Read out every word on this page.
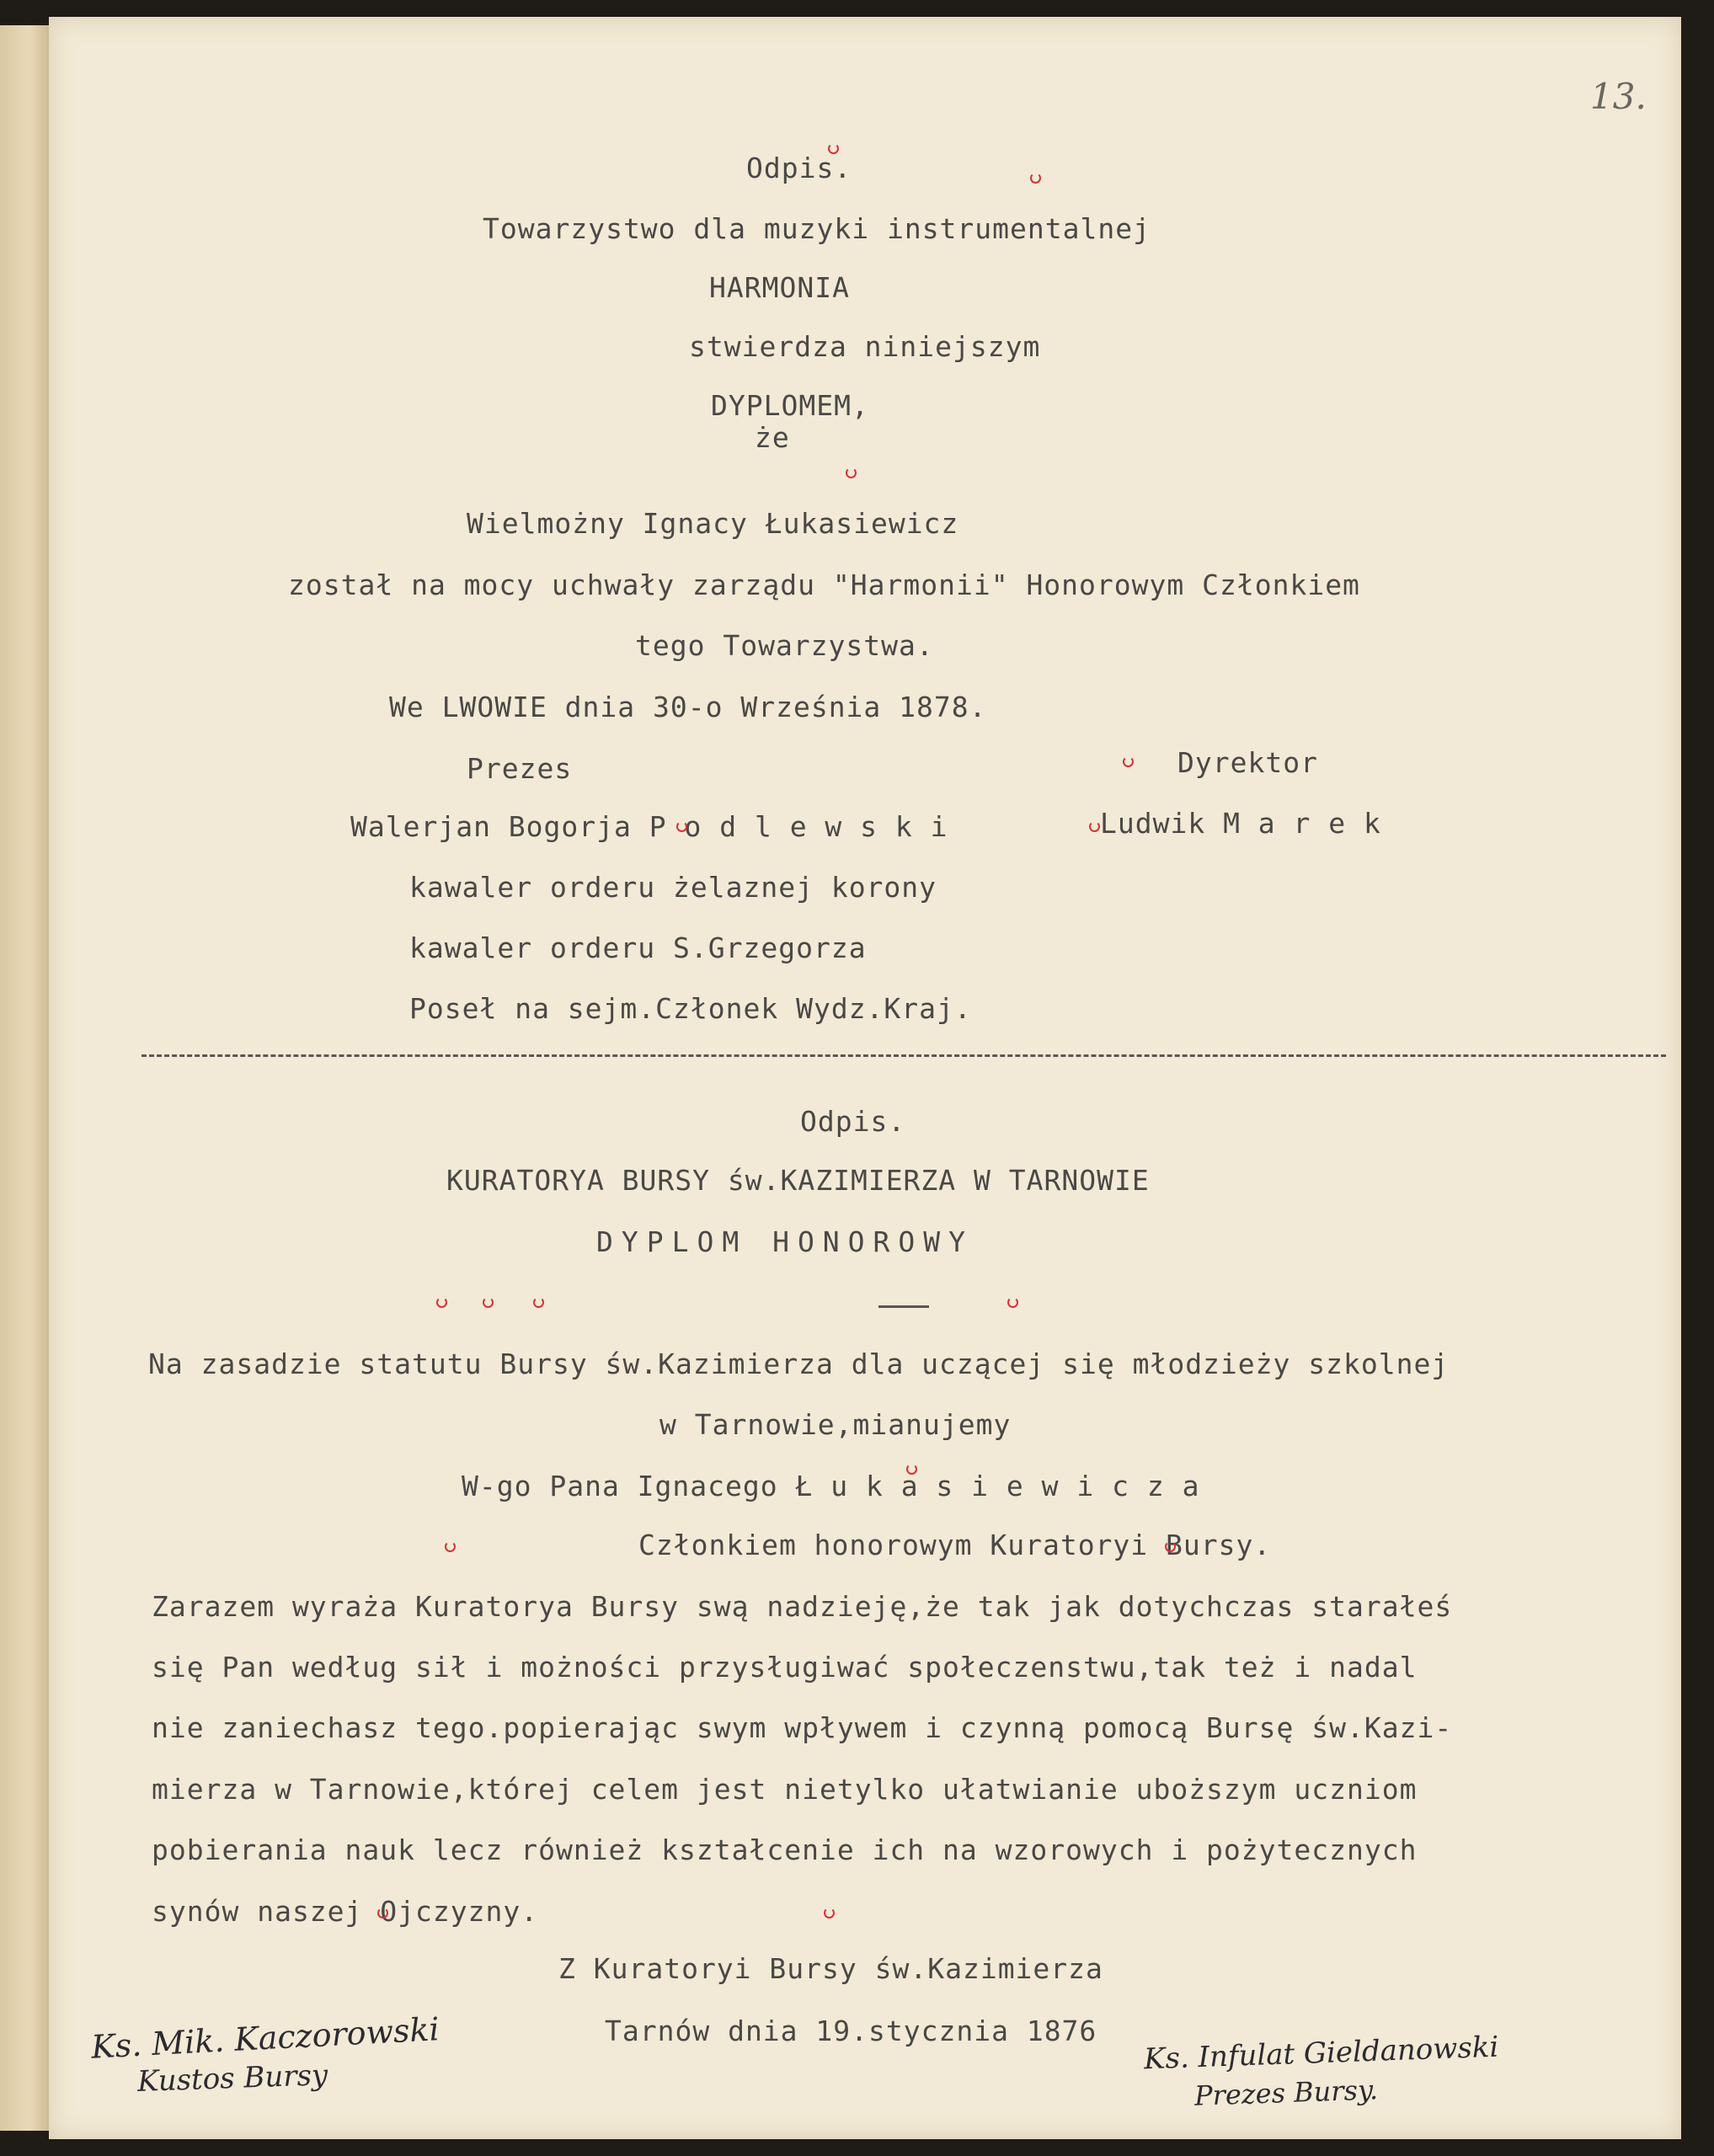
13.
Odpis.
Towarzystwo dla muzyki instrumentalnej
HARMONIA
stwierdza niniejszym
DYPLOMEM,
że
Wielmożny Ignacy Łukasiewicz
został na mocy uchwały zarządu "Harmonii" Honorowym Członkiem
tego Towarzystwa.
We LWOWIE dnia 30-o Września 1878.
Prezes	Dyrektor
Walerjan Bogorja P o d l e w s k i	Ludwik M a r e k
kawaler orderu żelaznej korony
kawaler orderu S.Grzegorza
Poseł na sejm.Członek Wydz.Kraj.
Odpis.
KURATORYA BURSY św.KAZIMIERZA W TARNOWIE
DYPLOM HONOROWY
Na zasadzie statutu Bursy św.Kazimierza dla uczącej się młodzieży szkolnej
w Tarnowie,mianujemy
W-go Pana Ignacego Ł u k a s i e w i c z a
Członkiem honorowym Kuratoryi Bursy.
Zarazem wyraża Kuratorya Bursy swą nadzieję,że tak jak dotychczas starałeś
się Pan według sił i możności przysługiwać społeczenstwu,tak też i nadal
nie zaniechasz tego.popierając swym wpływem i czynną pomocą Bursę św.Kazi-
mierza w Tarnowie,której celem jest nietylko ułatwianie uboższym uczniom
pobierania nauk lecz również kształcenie ich na wzorowych i pożytecznych
synów naszej Ojczyzny.
Z Kuratoryi Bursy św.Kazimierza
Tarnów dnia 19.stycznia 1876
Ks. Mik. Kaczorowski
Kustos Bursy
Ks. Infulat Gieldanowski
Prezes Bursy.
